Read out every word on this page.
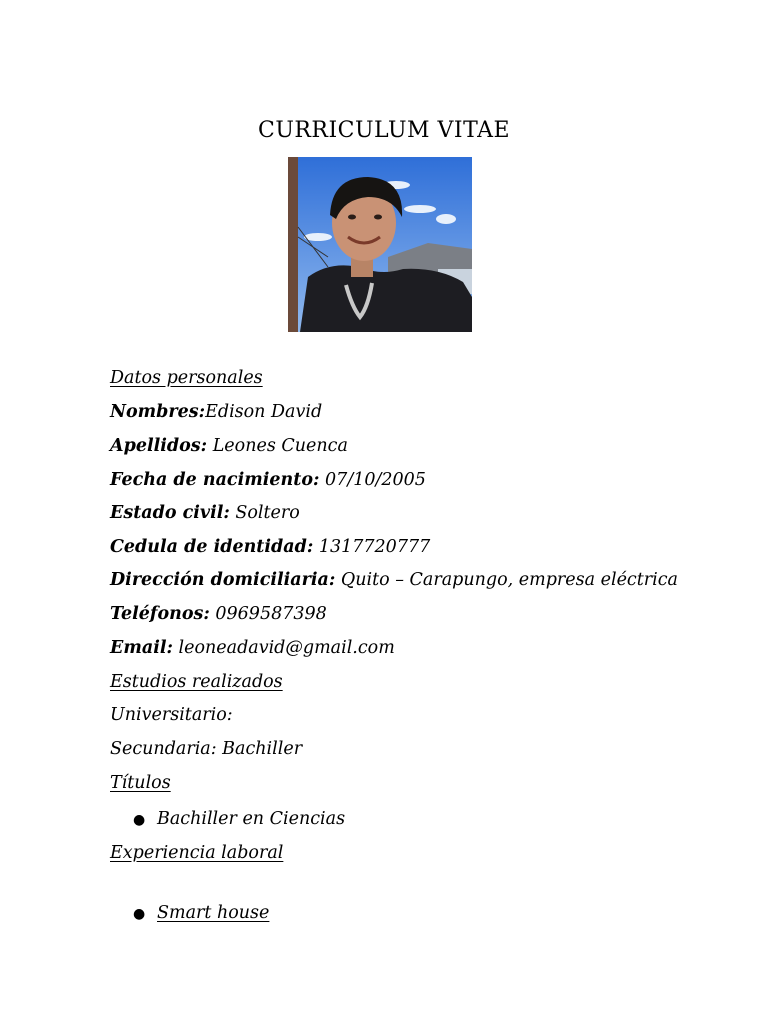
CURRICULUM VITAE
Datos personales
Nombres:Edison David
Apellidos: Leones Cuenca
Fecha de nacimiento: 07/10/2005
Estado civil: Soltero
Cedula de identidad: 1317720777
Dirección domiciliaria: Quito – Carapungo, empresa eléctrica
Teléfonos: 0969587398
Email: leoneadavid@gmail.com
Estudios realizados
Universitario:
Secundaria: Bachiller
Títulos
● Bachiller en Ciencias
Experiencia laboral
● Smart house
